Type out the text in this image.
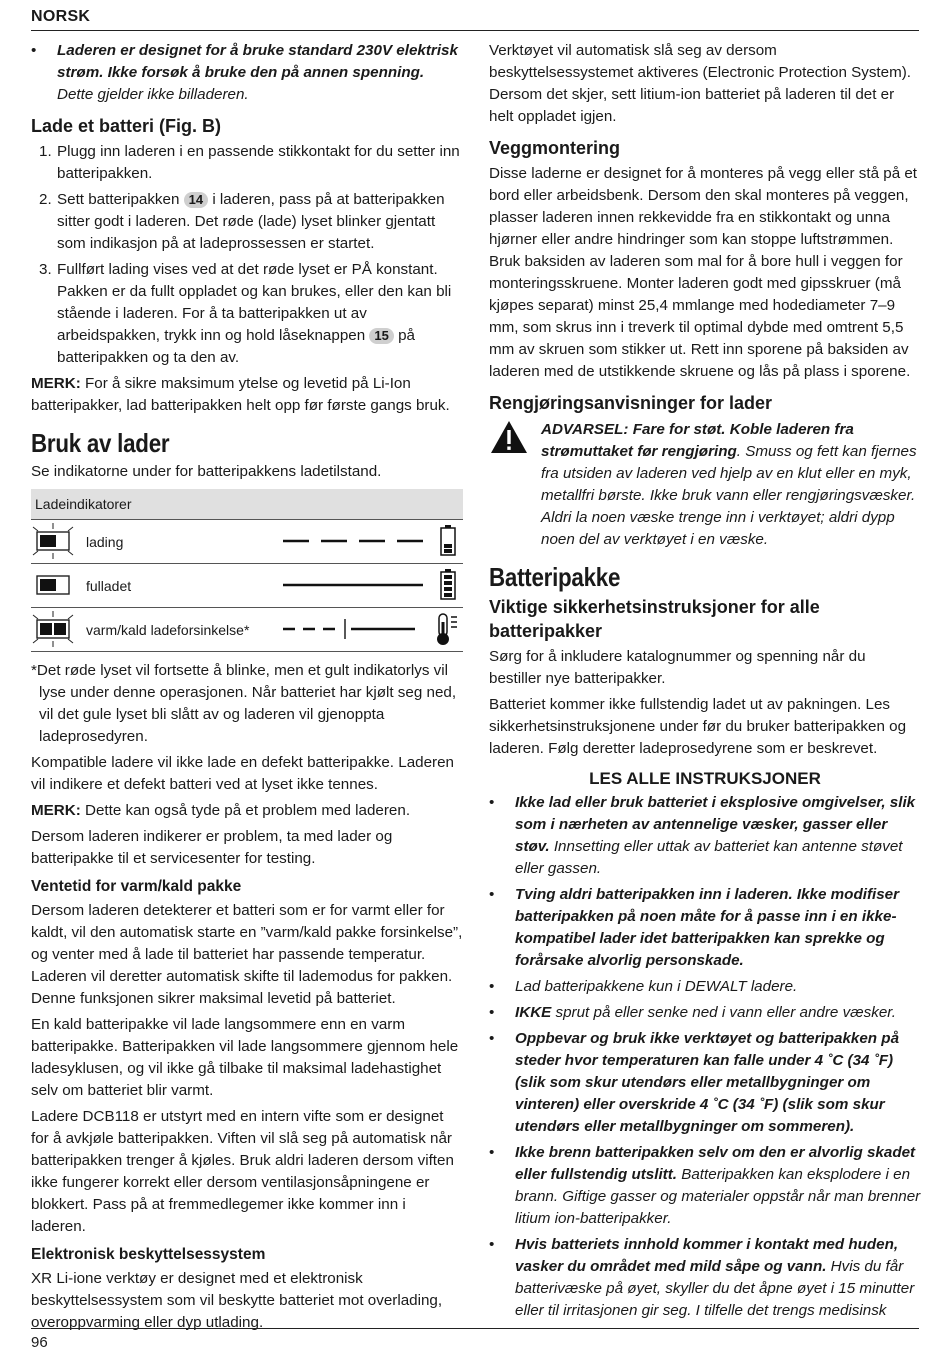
NORSK
• Laderen er designet for å bruke standard 230V elektrisk strøm. Ikke forsøk å bruke den på annen spenning. Dette gjelder ikke billaderen.
Lade et batteri (Fig. B)
1. Plugg inn laderen i en passende stikkontakt for du setter inn batteripakken.
2. Sett batteripakken 14 i laderen, pass på at batteripakken sitter godt i laderen. Det røde (lade) lyset blinker gjentatt som indikasjon på at ladeprossessen er startet.
3. Fullført lading vises ved at det røde lyset er PÅ konstant. Pakken er da fullt oppladet og kan brukes, eller den kan bli stående i laderen. For å ta batteripakken ut av arbeidspakken, trykk inn og hold låseknappen 15 på batteripakken og ta den av.

MERK: For å sikre maksimum ytelse og levetid på Li-Ion batteripakker, lad batteripakken helt opp før første gangs bruk.

Bruk av lader

Se indikatorne under for batteripakkens ladetilstand.

Ladeindikatorer
lading
fulladet
varm/kald ladeforsinkelse*

*Det røde lyset vil fortsette å blinke, men et gult indikatorlys vil lyse under denne operasjonen. Når batteriet har kjølt seg ned, vil det gule lyset bli slått av og laderen vil gjenoppta ladeprosedyren.

Kompatible ladere vil ikke lade en defekt batteripakke. Laderen vil indikere et defekt batteri ved at lyset ikke tennes.

MERK: Dette kan også tyde på et problem med laderen.

Dersom laderen indikerer er problem, ta med lader og batteripakke til et servicesenter for testing.

Ventetid for varm/kald pakke

Dersom laderen detekterer et batteri som er for varmt eller for kaldt, vil den automatisk starte en ”varm/kald pakke forsinkelse”, og venter med å lade til batteriet har passende temperatur. Laderen vil deretter automatisk skifte til lademodus for pakken. Denne funksjonen sikrer maksimal levetid på batteriet.

En kald batteripakke vil lade langsommere enn en varm batteripakke. Batteripakken vil lade langsommere gjennom hele ladesyklusen, og vil ikke gå tilbake til maksimal ladehastighet selv om batteriet blir varmt.

Ladere DCB118 er utstyrt med en intern vifte som er designet for å avkjøle batteripakken. Viften vil slå seg på automatisk når batteripakken trenger å kjøles. Bruk aldri laderen dersom viften ikke fungerer korrekt eller dersom ventilasjonsåpningene er blokkert. Pass på at fremmedlegemer ikke kommer inn i laderen.

Elektronisk beskyttelsessystem

XR Li-ione verktøy er designet med et elektronisk beskyttelsessystem som vil beskytte batteriet mot overlading, overoppvarming eller dyp utlading.

Verktøyet vil automatisk slå seg av dersom beskyttelsessystemet aktiveres (Electronic Protection System). Dersom det skjer, sett litium-ion batteriet på laderen til det er helt oppladet igjen.

Veggmontering

Disse laderne er designet for å monteres på vegg eller stå på et bord eller arbeidsbenk. Dersom den skal monteres på veggen, plasser laderen innen rekkevidde fra en stikkontakt og unna hjørner eller andre hindringer som kan stoppe luftstrømmen. Bruk baksiden av laderen som mal for å bore hull i veggen for monteringsskruene. Monter laderen godt med gipsskruer (må kjøpes separat) minst 25,4 mmlange med hodediameter 7–9 mm, som skrus inn i treverk til optimal dybde med omtrent 5,5 mm av skruen som stikker ut. Rett inn sporene på baksiden av laderen med de utstikkende skruene og lås på plass i sporene.

Rengjøringsanvisninger for lader
ADVARSEL: Fare for støt. Koble laderen fra strømuttaket før rengjøring. Smuss og fett kan fjernes fra utsiden av laderen ved hjelp av en klut eller en myk, metallfri børste. Ikke bruk vann eller rengjøringsvæsker. Aldri la noen væske trenge inn i verktøyet; aldri dypp noen del av verktøyet i en væske.
Batteripakke
Viktige sikkerhetsinstruksjoner for alle batteripakker

Sørg for å inkludere katalognummer og spenning når du bestiller nye batteripakker.

Batteriet kommer ikke fullstendig ladet ut av pakningen. Les sikkerhetsinstruksjonene under før du bruker batteripakken og laderen. Følg deretter ladeprosedyrene som er beskrevet.

LES ALLE INSTRUKSJONER
• Ikke lad eller bruk batteriet i eksplosive omgivelser, slik som i nærheten av antennelige væsker, gasser eller støv. Innsetting eller uttak av batteriet kan antenne støvet eller gassen.
• Tving aldri batteripakken inn i laderen. Ikke modifiser batteripakken på noen måte for å passe inn i en ikke-kompatibel lader idet batteripakken kan sprekke og forårsake alvorlig personskade.
• Lad batteripakkene kun i DEWALT ladere.
• IKKE sprut på eller senke ned i vann eller andre væsker.
• Oppbevar og bruk ikke verktøyet og batteripakken på steder hvor temperaturen kan falle under 4 ˚C (34 ˚F) (slik som skur utendørs eller metallbygninger om vinteren) eller overskride 4 ˚C (34 ˚F) (slik som skur utendørs eller metallbygninger om sommeren).
• Ikke brenn batteripakken selv om den er alvorlig skadet eller fullstendig utslitt. Batteripakken kan eksplodere i en brann. Giftige gasser og materialer oppstår når man brenner litium ion-batteripakker.
• Hvis batteriets innhold kommer i kontakt med huden, vasker du området med mild såpe og vann. Hvis du får batterivæske på øyet, skyller du det åpne øyet i 15 minutter eller til irritasjonen gir seg. I tilfelle det trengs medisinsk
96
